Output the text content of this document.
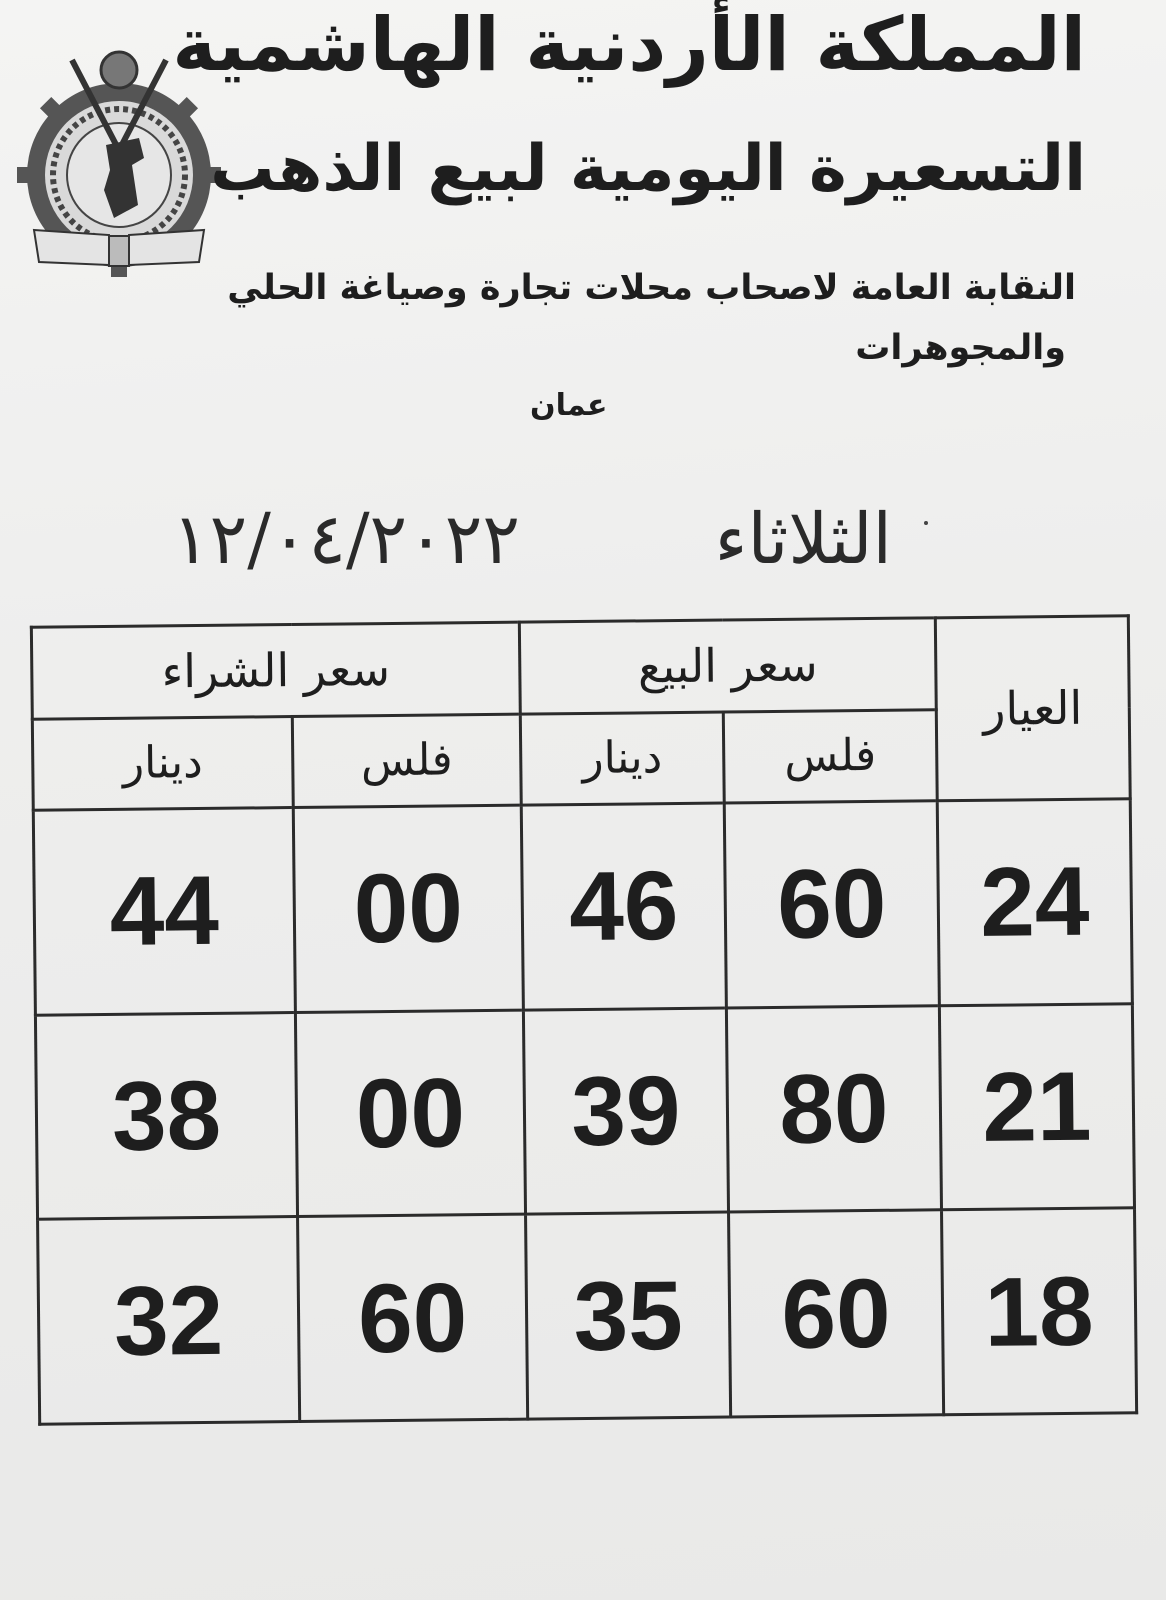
المملكة الأردنية الهاشمية
التسعيرة اليومية لبيع الذهب
النقابة العامة لاصحاب محلات تجارة وصياغة الحلي
والمجوهرات
عمان
١٢/٠٤/٢٠٢٢	الثلاثاء
العيار	سعر البيع		سعر الشراء	
	فلس	دينار	فلس	دينار
24	60	46	00	44
21	80	39	00	38
18	60	35	60	32
